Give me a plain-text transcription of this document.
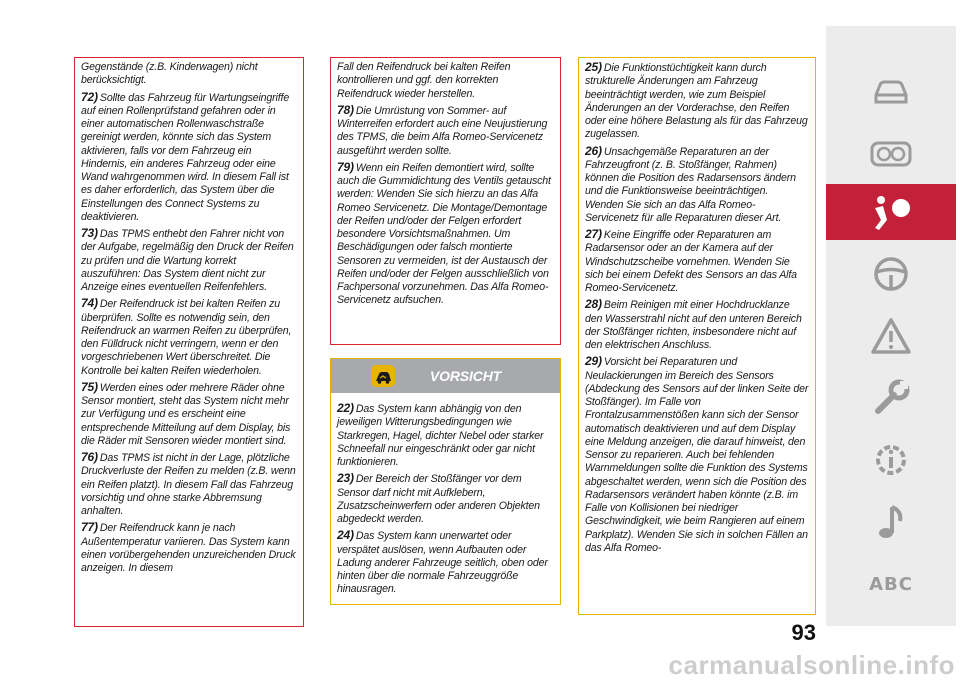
Gegenstände (z.B. Kinderwagen) nicht berücksichtigt.

72) Sollte das Fahrzeug für Wartungseingriffe auf einen Rollenprüfstand gefahren oder in einer automatischen Rollenwaschstraße gereinigt werden, könnte sich das System aktivieren, falls vor dem Fahrzeug ein Hindernis, ein anderes Fahrzeug oder eine Wand wahrgenommen wird. In diesem Fall ist es daher erforderlich, das System über die Einstellungen des Connect Systems zu deaktivieren.

73) Das TPMS enthebt den Fahrer nicht von der Aufgabe, regelmäßig den Druck der Reifen zu prüfen und die Wartung korrekt auszuführen: Das System dient nicht zur Anzeige eines eventuellen Reifenfehlers.

74) Der Reifendruck ist bei kalten Reifen zu überprüfen. Sollte es notwendig sein, den Reifendruck an warmen Reifen zu überprüfen, den Fülldruck nicht verringern, wenn er den vorgeschriebenen Wert überschreitet. Die Kontrolle bei kalten Reifen wiederholen.

75) Werden eines oder mehrere Räder ohne Sensor montiert, steht das System nicht mehr zur Verfügung und es erscheint eine entsprechende Mitteilung auf dem Display, bis die Räder mit Sensoren wieder montiert sind.

76) Das TPMS ist nicht in der Lage, plötzliche Druckverluste der Reifen zu melden (z.B. wenn ein Reifen platzt). In diesem Fall das Fahrzeug vorsichtig und ohne starke Abbremsung anhalten.

77) Der Reifendruck kann je nach Außentemperatur variieren. Das System kann einen vorübergehenden unzureichenden Druck anzeigen. In diesem

Fall den Reifendruck bei kalten Reifen kontrollieren und ggf. den korrekten Reifendruck wieder herstellen.

78) Die Umrüstung von Sommer- auf Winterreifen erfordert auch eine Neujustierung des TPMS, die beim Alfa Romeo-Servicenetz ausgeführt werden sollte.

79) Wenn ein Reifen demontiert wird, sollte auch die Gummidichtung des Ventils getauscht werden: Wenden Sie sich hierzu an das Alfa Romeo Servicenetz. Die Montage/Demontage der Reifen und/oder der Felgen erfordert besondere Vorsichtsmaßnahmen. Um Beschädigungen oder falsch montierte Sensoren zu vermeiden, ist der Austausch der Reifen und/oder der Felgen ausschließlich von Fachpersonal vorzunehmen. Das Alfa Romeo-Servicenetz aufsuchen.

VORSICHT

22) Das System kann abhängig von den jeweiligen Witterungsbedingungen wie Starkregen, Hagel, dichter Nebel oder starker Schneefall nur eingeschränkt oder gar nicht funktionieren.

23) Der Bereich der Stoßfänger vor dem Sensor darf nicht mit Aufklebern, Zusatzscheinwerfern oder anderen Objekten abgedeckt werden.

24) Das System kann unerwartet oder verspätet auslösen, wenn Aufbauten oder Ladung anderer Fahrzeuge seitlich, oben oder hinten über die normale Fahrzeuggröße hinausragen.

25) Die Funktionstüchtigkeit kann durch strukturelle Änderungen am Fahrzeug beeinträchtigt werden, wie zum Beispiel Änderungen an der Vorderachse, den Reifen oder eine höhere Belastung als für das Fahrzeug zugelassen.

26) Unsachgemäße Reparaturen an der Fahrzeugfront (z. B. Stoßfänger, Rahmen) können die Position des Radarsensors ändern und die Funktionsweise beeinträchtigen. Wenden Sie sich an das Alfa Romeo-Servicenetz für alle Reparaturen dieser Art.

27) Keine Eingriffe oder Reparaturen am Radarsensor oder an der Kamera auf der Windschutzscheibe vornehmen. Wenden Sie sich bei einem Defekt des Sensors an das Alfa Romeo-Servicenetz.

28) Beim Reinigen mit einer Hochdrucklanze den Wasserstrahl nicht auf den unteren Bereich der Stoßfänger richten, insbesondere nicht auf den elektrischen Anschluss.

29) Vorsicht bei Reparaturen und Neulackierungen im Bereich des Sensors (Abdeckung des Sensors auf der linken Seite der Stoßfänger). Im Falle von Frontalzusammenstößen kann sich der Sensor automatisch deaktivieren und auf dem Display eine Meldung anzeigen, die darauf hinweist, den Sensor zu reparieren. Auch bei fehlenden Warnmeldungen sollte die Funktion des Systems abgeschaltet werden, wenn sich die Position des Radarsensors verändert haben könnte (z.B. im Falle von Kollisionen bei niedriger Geschwindigkeit, wie beim Rangieren auf einem Parkplatz). Wenden Sie sich in solchen Fällen an das Alfa Romeo-

ABC
93
carmanualsonline.info
